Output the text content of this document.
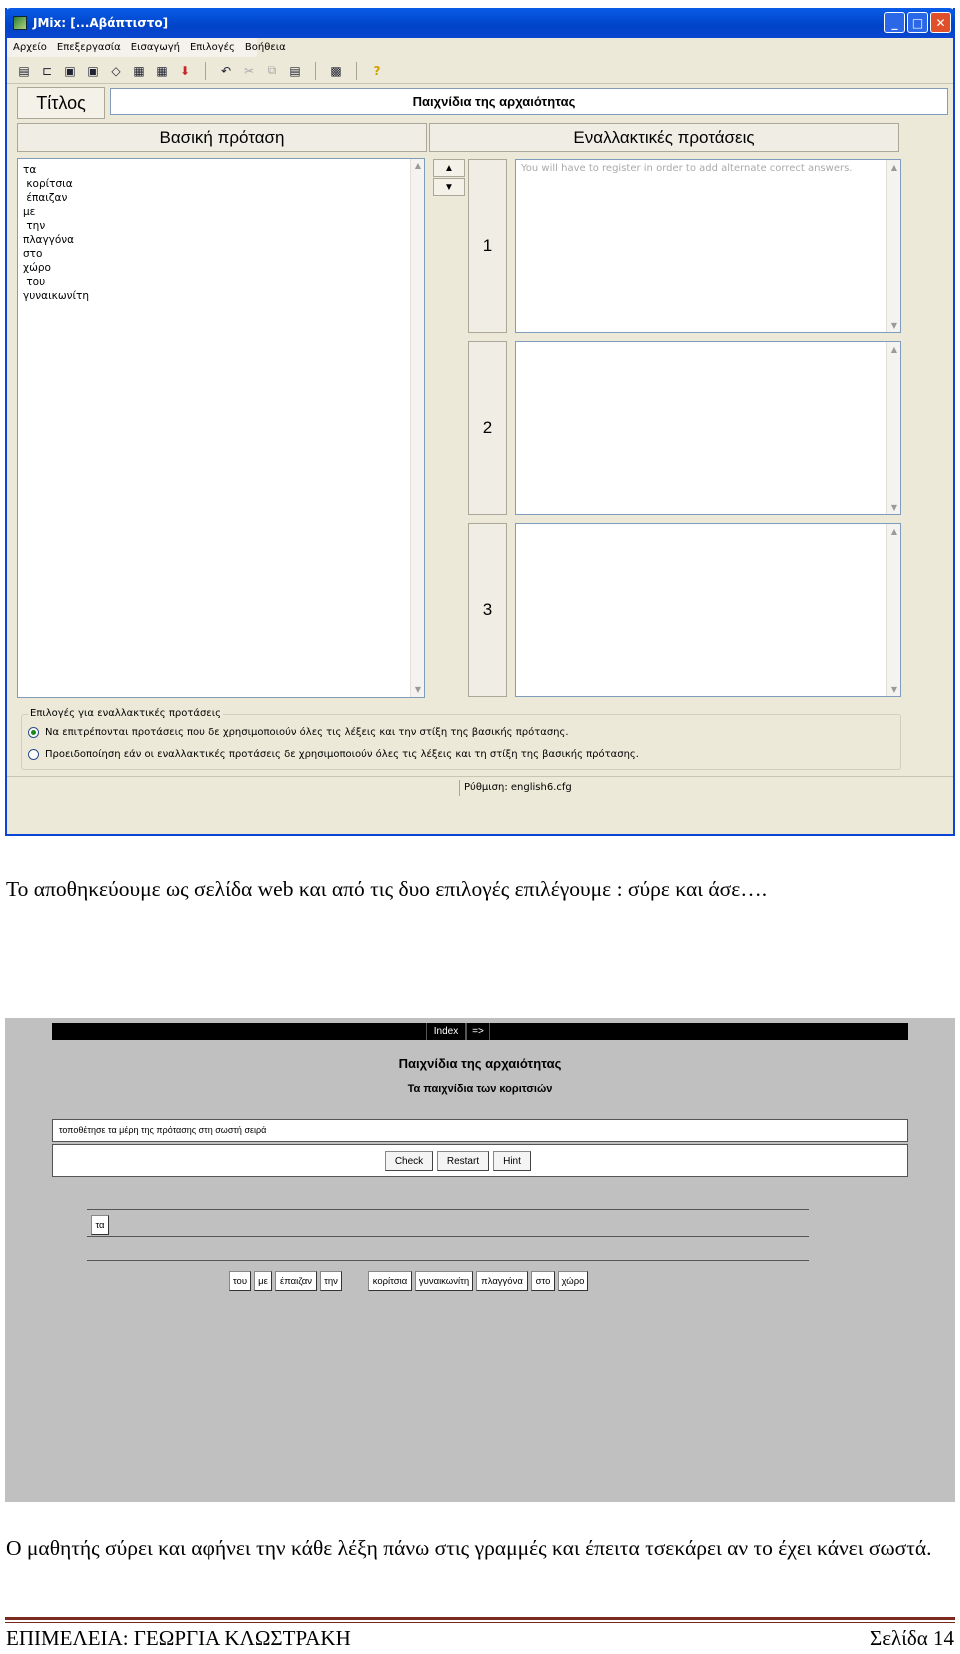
JMix: [...Αβάπτιστο]	_	□	✕
Αρχείο Επεξεργασία Εισαγωγή Επιλογές Βοήθεια
▤	⊏	▣ ▣	◇	▦ ▦	⬇	↶	✂	⧉	▤ ▩	?
Τίτλος	Παιχνίδια της αρχαιότητας
Βασική πρόταση	Εναλλακτικές προτάσεις
τα
κορίτσια
έπαιζαν
με
την
πλαγγόνα
στο
χώρο
του
γυναικωνίτη
▲
▼
▲
▼
1
2
3
You will have to register in order to add alternate correct answers.	▲
▼
▲
▼
▲
▼
Επιλογές για εναλλακτικές προτάσεις
Να επιτρέπονται προτάσεις που δε χρησιμοποιούν όλες τις λέξεις και την στίξη της βασικής πρότασης.
Προειδοποίηση εάν οι εναλλακτικές προτάσεις δε χρησιμοποιούν όλες τις λέξεις και τη στίξη της βασικής πρότασης.
Ρύθμιση: english6.cfg
Το αποθηκεύουμε ως σελίδα web και από τις δυο επιλογές επιλέγουμε : σύρε και άσε….
Index	=>
Παιχνίδια της αρχαιότητας
Τα παιχνίδια των κοριτσιών
τοποθέτησε τα μέρη της πρότασης στη σωστή σειρά
Check	Restart	Hint
τα
του	με	έπαιζαν	την	κορίτσια	γυναικωνίτη	πλαγγόνα	στο	χώρο
Ο μαθητής σύρει και αφήνει την κάθε λέξη πάνω στις γραμμές και έπειτα τσεκάρει αν το έχει κάνει σωστά.
ΕΠΙΜΕΛΕΙΑ: ΓΕΩΡΓΙΑ ΚΛΩΣΤΡΑΚΗ	Σελίδα 14
